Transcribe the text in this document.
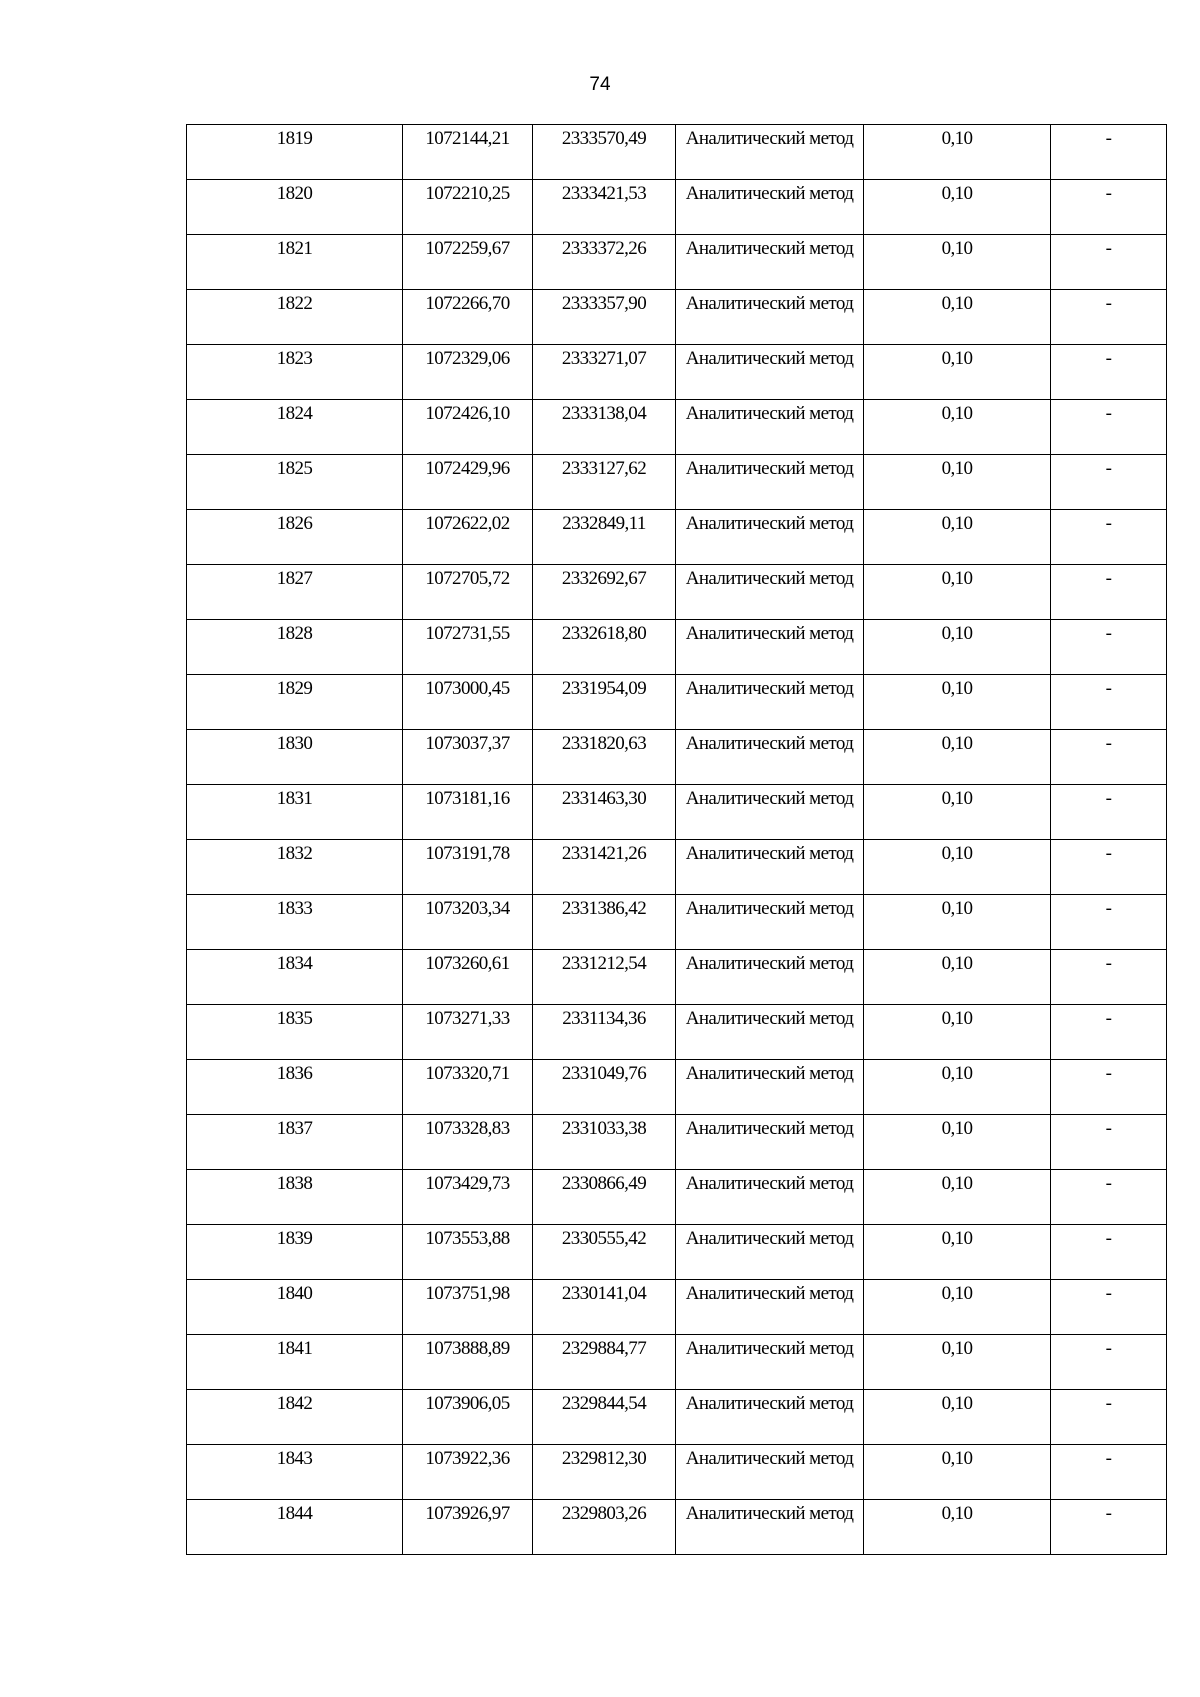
74
1819	1072144,21	2333570,49	Аналитический метод	0,10	-

1820	1072210,25	2333421,53	Аналитический метод	0,10	-

1821	1072259,67	2333372,26	Аналитический метод	0,10	-

1822	1072266,70	2333357,90	Аналитический метод	0,10	-

1823	1072329,06	2333271,07	Аналитический метод	0,10	-

1824	1072426,10	2333138,04	Аналитический метод	0,10	-

1825	1072429,96	2333127,62	Аналитический метод	0,10	-

1826	1072622,02	2332849,11	Аналитический метод	0,10	-

1827	1072705,72	2332692,67	Аналитический метод	0,10	-

1828	1072731,55	2332618,80	Аналитический метод	0,10	-

1829	1073000,45	2331954,09	Аналитический метод	0,10	-

1830	1073037,37	2331820,63	Аналитический метод	0,10	-

1831	1073181,16	2331463,30	Аналитический метод	0,10	-

1832	1073191,78	2331421,26	Аналитический метод	0,10	-

1833	1073203,34	2331386,42	Аналитический метод	0,10	-

1834	1073260,61	2331212,54	Аналитический метод	0,10	-

1835	1073271,33	2331134,36	Аналитический метод	0,10	-

1836	1073320,71	2331049,76	Аналитический метод	0,10	-

1837	1073328,83	2331033,38	Аналитический метод	0,10	-

1838	1073429,73	2330866,49	Аналитический метод	0,10	-

1839	1073553,88	2330555,42	Аналитический метод	0,10	-

1840	1073751,98	2330141,04	Аналитический метод	0,10	-

1841	1073888,89	2329884,77	Аналитический метод	0,10	-

1842	1073906,05	2329844,54	Аналитический метод	0,10	-

1843	1073922,36	2329812,30	Аналитический метод	0,10	-

1844	1073926,97	2329803,26	Аналитический метод	0,10	-
